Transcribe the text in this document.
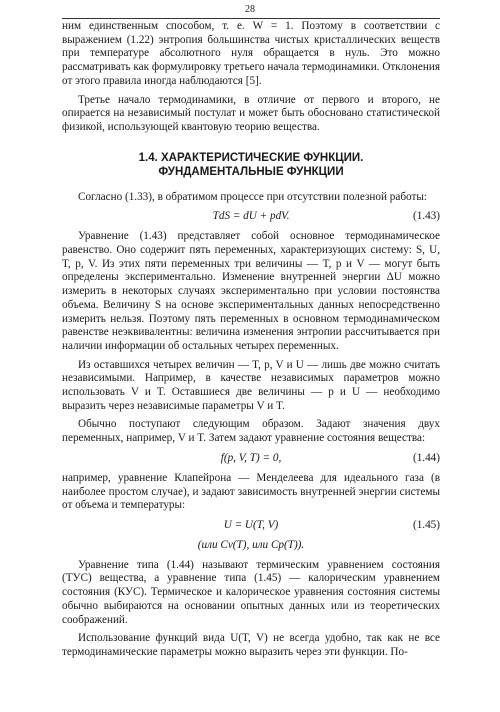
28

ним единственным способом, т. е. W = 1. Поэтому в соответствии с выражением (1.22) энтропия большинства чистых кристаллических веществ при температуре абсолютного нуля обращается в нуль. Это можно рассматривать как формулировку третьего начала термодинамики. Отклонения от этого правила иногда наблюдаются [5].

Третье начало термодинамики, в отличие от первого и второго, не опирается на независимый постулат и может быть обосновано статистической физикой, использующей квантовую теорию вещества.

1.4. ХАРАКТЕРИСТИЧЕСКИЕ ФУНКЦИИ.
ФУНДАМЕНТАЛЬНЫЕ ФУНКЦИИ

Согласно (1.33), в обратимом процессе при отсутствии полезной работы:

TdS = dU + pdV.	(1.43)

Уравнение (1.43) представляет собой основное термодинамическое равенство. Оно содержит пять переменных, характеризующих систему: S, U, T, p, V. Из этих пяти переменных три величины — T, p и V — могут быть определены экспериментально. Изменение внутренней энергии ΔU можно измерить в некоторых случаях экспериментально при условии постоянства объема. Величину S на основе экспериментальных данных непосредственно измерить нельзя. Поэтому пять переменных в основном термодинамическом равенстве неэквивалентны: величина изменения энтропии рассчитывается при наличии информации об остальных четырех переменных.

Из оставшихся четырех величин — T, p, V и U — лишь две можно считать независимыми. Например, в качестве независимых параметров можно использовать V и T. Оставшиеся две величины — p и U — необходимо выразить через независимые параметры V и T.

Обычно поступают следующим образом. Задают значения двух переменных, например, V и T. Затем задают уравнение состояния вещества:

f(p, V, T) = 0,	(1.44)

например, уравнение Клапейрона — Менделеева для идеального газа (в наиболее простом случае), и задают зависимость внутренней энергии системы от объема и температуры:

U = U(T, V)	(1.45)
(или Cv(T), или Cp(T)).

Уравнение типа (1.44) называют термическим уравнением состояния (ТУС) вещества, а уравнение типа (1.45) — калорическим уравнением состояния (КУС). Термическое и калорическое уравнения состояния системы обычно выбираются на основании опытных данных или из теоретических соображений.

Использование функций вида U(T, V) не всегда удобно, так как не все термодинамические параметры можно выразить через эти функции. По-
